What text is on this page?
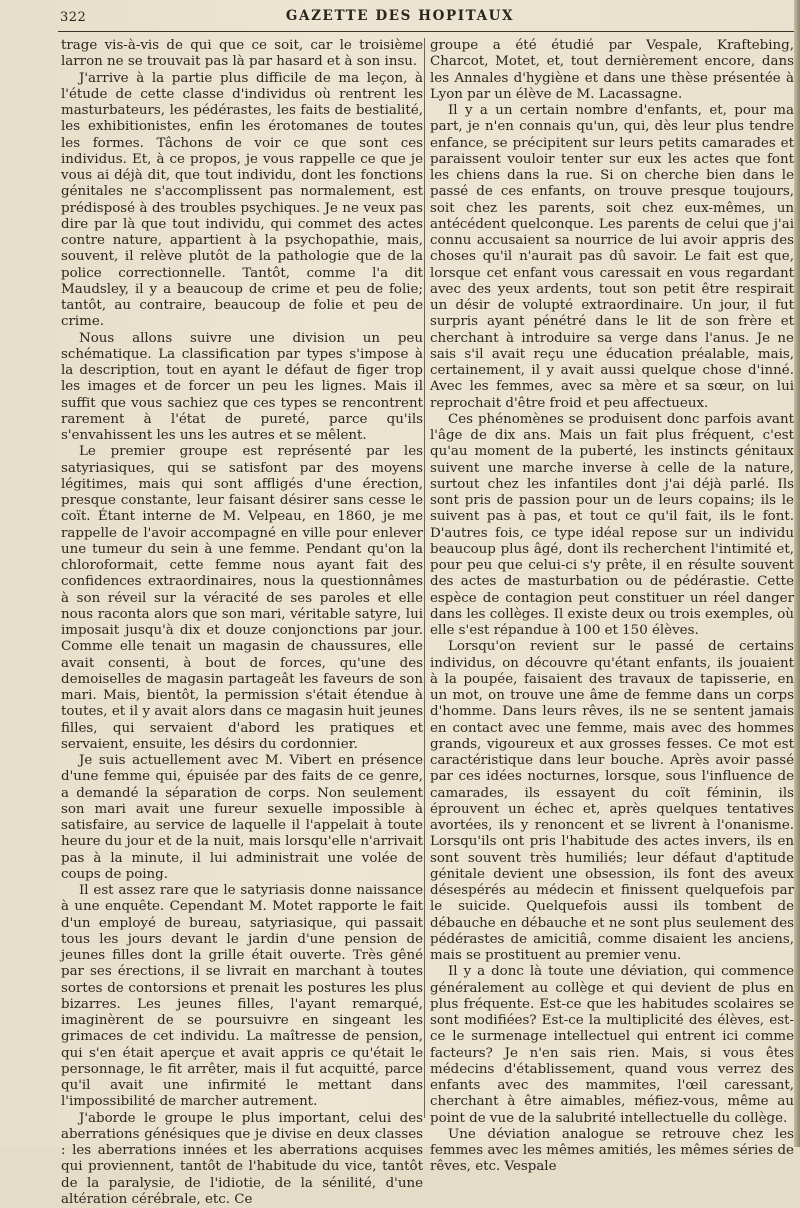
322	GAZETTE DES HOPITAUX

trage vis-à-vis de qui que ce soit, car le troisième larron ne se trouvait pas là par hasard et à son insu.

J'arrive à la partie plus difficile de ma leçon, à l'étude de cette classe d'individus où rentrent les masturbateurs, les pédérastes, les faits de bestialité, les exhibitionistes, enfin les érotomanes de toutes les formes. Tâchons de voir ce que sont ces individus. Et, à ce propos, je vous rappelle ce que je vous ai déjà dit, que tout individu, dont les fonctions génitales ne s'accomplissent pas normalement, est prédisposé à des troubles psychiques. Je ne veux pas dire par là que tout individu, qui commet des actes contre nature, appartient à la psychopathie, mais, souvent, il relève plutôt de la pathologie que de la police correctionnelle. Tantôt, comme l'a dit Maudsley, il y a beaucoup de crime et peu de folie; tantôt, au contraire, beaucoup de folie et peu de crime.

Nous allons suivre une division un peu schématique. La classification par types s'impose à la description, tout en ayant le défaut de figer trop les images et de forcer un peu les lignes. Mais il suffit que vous sachiez que ces types se rencontrent rarement à l'état de pureté, parce qu'ils s'envahissent les uns les autres et se mêlent.

Le premier groupe est représenté par les satyriasiques, qui se satisfont par des moyens légitimes, mais qui sont affligés d'une érection, presque constante, leur faisant désirer sans cesse le coït. Étant interne de M. Velpeau, en 1860, je me rappelle de l'avoir accompagné en ville pour enlever une tumeur du sein à une femme. Pendant qu'on la chloroformait, cette femme nous ayant fait des confidences extraordinaires, nous la questionnâmes à son réveil sur la véracité de ses paroles et elle nous raconta alors que son mari, véritable satyre, lui imposait jusqu'à dix et douze conjonctions par jour. Comme elle tenait un magasin de chaussures, elle avait consenti, à bout de forces, qu'une des demoiselles de magasin partageât les faveurs de son mari. Mais, bientôt, la permission s'était étendue à toutes, et il y avait alors dans ce magasin huit jeunes filles, qui servaient d'abord les pratiques et servaient, ensuite, les désirs du cordonnier.

Je suis actuellement avec M. Vibert en présence d'une femme qui, épuisée par des faits de ce genre, a demandé la séparation de corps. Non seulement son mari avait une fureur sexuelle impossible à satisfaire, au service de laquelle il l'appelait à toute heure du jour et de la nuit, mais lorsqu'elle n'arrivait pas à la minute, il lui administrait une volée de coups de poing.

Il est assez rare que le satyriasis donne naissance à une enquête. Cependant M. Motet rapporte le fait d'un employé de bureau, satyriasique, qui passait tous les jours devant le jardin d'une pension de jeunes filles dont la grille était ouverte. Très gêné par ses érections, il se livrait en marchant à toutes sortes de contorsions et prenait les postures les plus bizarres. Les jeunes filles, l'ayant remarqué, imaginèrent de se poursuivre en singeant les grimaces de cet individu. La maîtresse de pension, qui s'en était aperçue et avait appris ce qu'était le personnage, le fit arrêter, mais il fut acquitté, parce qu'il avait une infirmité le mettant dans l'impossibilité de marcher autrement.

J'aborde le groupe le plus important, celui des aberrations génésiques que je divise en deux classes : les aberrations innées et les aberrations acquises qui proviennent, tantôt de l'habitude du vice, tantôt de la paralysie, de l'idiotie, de la sénilité, d'une altération cérébrale, etc. Ce

groupe a été étudié par Vespale, Kraftebing, Charcot, Motet, et, tout dernièrement encore, dans les Annales d'hygiène et dans une thèse présentée à Lyon par un élève de M. Lacassagne.

Il y a un certain nombre d'enfants, et, pour ma part, je n'en connais qu'un, qui, dès leur plus tendre enfance, se précipitent sur leurs petits camarades et paraissent vouloir tenter sur eux les actes que font les chiens dans la rue. Si on cherche bien dans le passé de ces enfants, on trouve presque toujours, soit chez les parents, soit chez eux-mêmes, un antécédent quelconque. Les parents de celui que j'ai connu accusaient sa nourrice de lui avoir appris des choses qu'il n'aurait pas dû savoir. Le fait est que, lorsque cet enfant vous caressait en vous regardant avec des yeux ardents, tout son petit être respirait un désir de volupté extraordinaire. Un jour, il fut surpris ayant pénétré dans le lit de son frère et cherchant à introduire sa verge dans l'anus. Je ne sais s'il avait reçu une éducation préalable, mais, certainement, il y avait aussi quelque chose d'inné. Avec les femmes, avec sa mère et sa sœur, on lui reprochait d'être froid et peu affectueux.

Ces phénomènes se produisent donc parfois avant l'âge de dix ans. Mais un fait plus fréquent, c'est qu'au moment de la puberté, les instincts génitaux suivent une marche inverse à celle de la nature, surtout chez les infantiles dont j'ai déjà parlé. Ils sont pris de passion pour un de leurs copains; ils le suivent pas à pas, et tout ce qu'il fait, ils le font. D'autres fois, ce type idéal repose sur un individu beaucoup plus âgé, dont ils recherchent l'intimité et, pour peu que celui-ci s'y prête, il en résulte souvent des actes de masturbation ou de pédérastie. Cette espèce de contagion peut constituer un réel danger dans les collèges. Il existe deux ou trois exemples, où elle s'est répandue à 100 et 150 élèves.

Lorsqu'on revient sur le passé de certains individus, on découvre qu'étant enfants, ils jouaient à la poupée, faisaient des travaux de tapisserie, en un mot, on trouve une âme de femme dans un corps d'homme. Dans leurs rêves, ils ne se sentent jamais en contact avec une femme, mais avec des hommes grands, vigoureux et aux grosses fesses. Ce mot est caractéristique dans leur bouche. Après avoir passé par ces idées nocturnes, lorsque, sous l'influence de camarades, ils essayent du coït féminin, ils éprouvent un échec et, après quelques tentatives avortées, ils y renoncent et se livrent à l'onanisme. Lorsqu'ils ont pris l'habitude des actes invers, ils en sont souvent très humiliés; leur défaut d'aptitude génitale devient une obsession, ils font des aveux désespérés au médecin et finissent quelquefois par le suicide. Quelquefois aussi ils tombent de débauche en débauche et ne sont plus seulement des pédérastes de amicitiâ, comme disaient les anciens, mais se prostituent au premier venu.

Il y a donc là toute une déviation, qui commence généralement au collège et qui devient de plus en plus fréquente. Est-ce que les habitudes scolaires se sont modifiées? Est-ce la multiplicité des élèves, est-ce le surmenage intellectuel qui entrent ici comme facteurs? Je n'en sais rien. Mais, si vous êtes médecins d'établissement, quand vous verrez des enfants avec des mammites, l'œil caressant, cherchant à être aimables, méfiez-vous, même au point de vue de la salubrité intellectuelle du collège.

Une déviation analogue se retrouve chez les femmes avec les mêmes amitiés, les mêmes séries de rêves, etc. Vespale
